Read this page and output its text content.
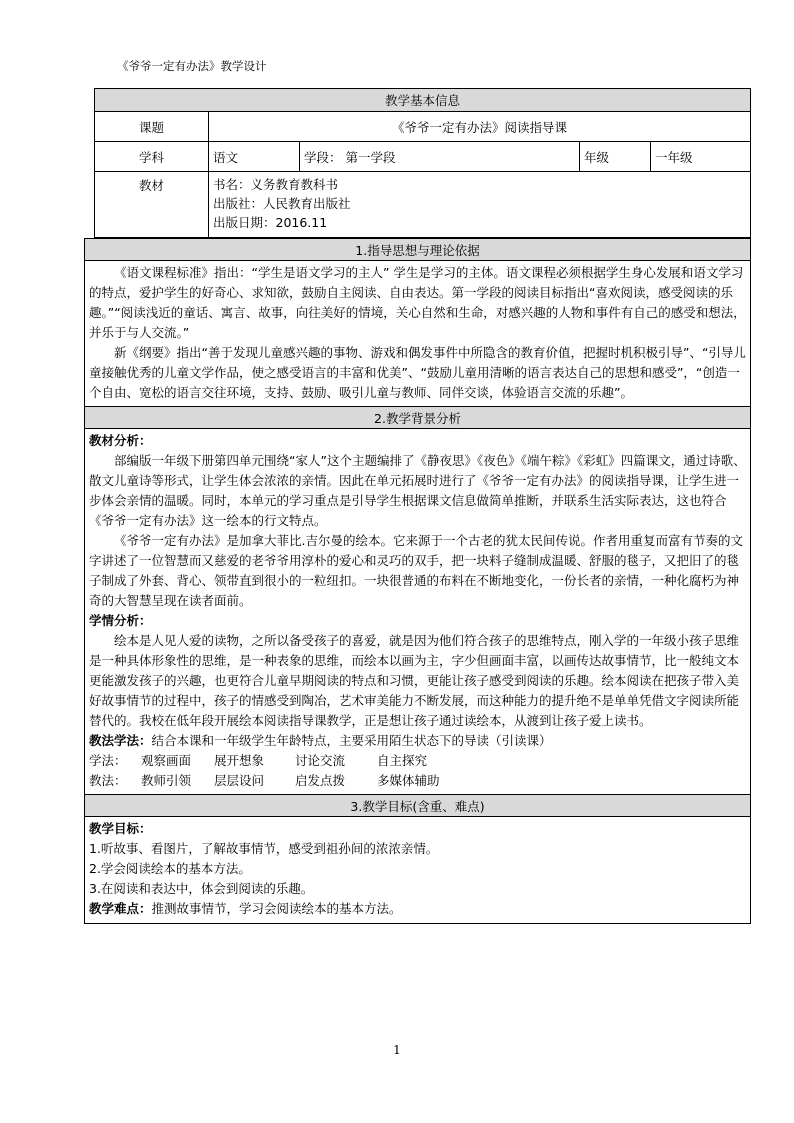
《爷爷一定有办法》教学设计
教学基本信息				
课题	《爷爷一定有办法》阅读指导课			
学科	语文	学段： 第一学段	年级	一年级
教材	书名：义务教育教科书

出版社：人民教育出版社

出版日期：2016.11			

1.指导思想与理论依据

《语文课程标准》指出：“学生是语文学习的主人” 学生是学习的主体。语文课程必须根据学生身心发展和语文学习的特点，爱护学生的好奇心、求知欲，鼓励自主阅读、自由表达。第一学段的阅读目标指出“喜欢阅读，感受阅读的乐趣。”“阅读浅近的童话、寓言、故事，向往美好的情境，关心自然和生命，对感兴趣的人物和事件有自己的感受和想法，并乐于与人交流。”

新《纲要》指出“善于发现儿童感兴趣的事物、游戏和偶发事件中所隐含的教育价值，把握时机积极引导”、“引导儿童接触优秀的儿童文学作品，使之感受语言的丰富和优美”、“鼓励儿童用清晰的语言表达自己的思想和感受”，“创造一个自由、宽松的语言交往环境，支持、鼓励、吸引儿童与教师、同伴交谈，体验语言交流的乐趣”。

2.教学背景分析

教材分析：

部编版一年级下册第四单元围绕“家人”这个主题编排了《静夜思》《夜色》《端午粽》《彩虹》四篇课文，通过诗歌、散文儿童诗等形式，让学生体会浓浓的亲情。因此在单元拓展时进行了《爷爷一定有办法》的阅读指导课，让学生进一步体会亲情的温暖。同时，本单元的学习重点是引导学生根据课文信息做简单推断，并联系生活实际表达，这也符合《爷爷一定有办法》这一绘本的行文特点。

《爷爷一定有办法》是加拿大菲比.吉尔曼的绘本。它来源于一个古老的犹太民间传说。作者用重复而富有节奏的文字讲述了一位智慧而又慈爱的老爷爷用淳朴的爱心和灵巧的双手，把一块料子缝制成温暖、舒服的毯子，又把旧了的毯子制成了外套、背心、领带直到很小的一粒纽扣。一块很普通的布料在不断地变化，一份长者的亲情，一种化腐朽为神奇的大智慧呈现在读者面前。

学情分析：

绘本是人见人爱的读物，之所以备受孩子的喜爱，就是因为他们符合孩子的思维特点，刚入学的一年级小孩子思维是一种具体形象性的思维，是一种表象的思维，而绘本以画为主，字少但画面丰富，以画传达故事情节，比一般纯文本更能激发孩子的兴趣，也更符合儿童早期阅读的特点和习惯，更能让孩子感受到阅读的乐趣。绘本阅读在把孩子带入美好故事情节的过程中，孩子的情感受到陶冶，艺术审美能力不断发展，而这种能力的提升绝不是单单凭借文字阅读所能替代的。我校在低年段开展绘本阅读指导课教学，正是想让孩子通过读绘本，从渡到让孩子爱上读书。

教法学法：结合本课和一年级学生年龄特点，主要采用陌生状态下的导读（引读课）

学法： 观察画面 展开想象 讨论交流	自主探究

教法： 教师引领 层层设问 启发点拨	多媒体辅助

3.教学目标(含重、难点)

教学目标：

1.听故事、看图片，了解故事情节，感受到祖孙间的浓浓亲情。

2.学会阅读绘本的基本方法。

3.在阅读和表达中，体会到阅读的乐趣。

教学难点：推测故事情节，学习会阅读绘本的基本方法。

1
